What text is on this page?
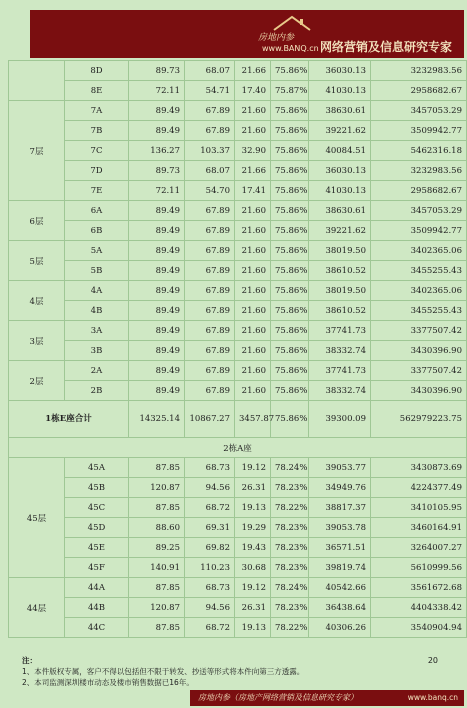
房地内参
www.BANQ.cn 网络营销及信息研究专家
	8D	89.73	68.07	21.66	75.86%	36030.13	3232983.56
	8E	72.11	54.71	17.40	75.87%	41030.13	2958682.67
7层	7A	89.49	67.89	21.60	75.86%	38630.61	3457053.29
	7B	89.49	67.89	21.60	75.86%	39221.62	3509942.77
	7C	136.27	103.37	32.90	75.86%	40084.51	5462316.18
	7D	89.73	68.07	21.66	75.86%	36030.13	3232983.56
	7E	72.11	54.70	17.41	75.86%	41030.13	2958682.67
6层	6A	89.49	67.89	21.60	75.86%	38630.61	3457053.29
	6B	89.49	67.89	21.60	75.86%	39221.62	3509942.77
5层	5A	89.49	67.89	21.60	75.86%	38019.50	3402365.06
	5B	89.49	67.89	21.60	75.86%	38610.52	3455255.43
4层	4A	89.49	67.89	21.60	75.86%	38019.50	3402365.06
	4B	89.49	67.89	21.60	75.86%	38610.52	3455255.43
3层	3A	89.49	67.89	21.60	75.86%	37741.73	3377507.42
	3B	89.49	67.89	21.60	75.86%	38332.74	3430396.90
2层	2A	89.49	67.89	21.60	75.86%	37741.73	3377507.42
	2B	89.49	67.89	21.60	75.86%	38332.74	3430396.90
1栋E座合计		14325.14	10867.27	3457.87	75.86%	39300.09	562979223.75
2栋A座							
45层	45A	87.85	68.73	19.12	78.24%	39053.77	3430873.69
	45B	120.87	94.56	26.31	78.23%	34949.76	4224377.49
	45C	87.85	68.72	19.13	78.22%	38817.37	3410105.95
	45D	88.60	69.31	19.29	78.23%	39053.78	3460164.91
	45E	89.25	69.82	19.43	78.23%	36571.51	3264007.27
	45F	140.91	110.23	30.68	78.23%	39819.74	5610999.56
44层	44A	87.85	68.73	19.12	78.24%	40542.66	3561672.68
	44B	120.87	94.56	26.31	78.23%	36438.64	4404338.42
	44C	87.85	68.72	19.13	78.22%	40306.26	3540904.94
注：
1、本件版权专属，客户不得以包括但不限于转发、抄送等形式将本件向第三方透露。
2、本司监测深圳楼市动态及楼市销售数据已16年。
20
房地内参（房地产网络营销及信息研究专家）	www.banq.cn
